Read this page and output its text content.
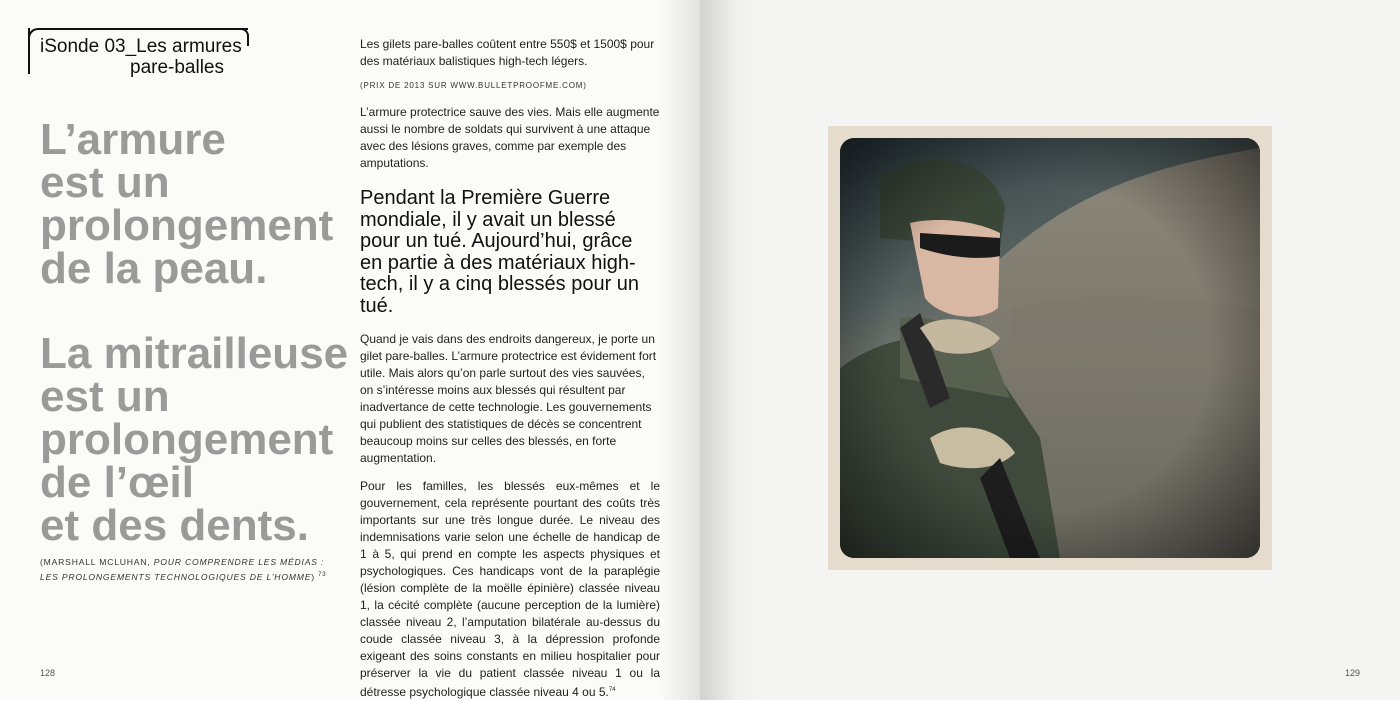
iSonde 03_Les armures
pare-balles
L’armure
est un
prolongement
de la peau.
La mitrailleuse
est un
prolongement
de l’œil
et des dents.
(MARSHALL MCLUHAN, POUR COMPRENDRE LES MÉDIAS : LES PROLONGEMENTS TECHNOLOGIQUES DE L’HOMME) $^{73}$

Les gilets pare-balles coûtent entre 550$ et 1500$ pour des matériaux balistiques high-tech légers.

(PRIX DE 2013 SUR WWW.BULLETPROOFME.COM)

L’armure protectrice sauve des vies. Mais elle augmente aussi le nombre de soldats qui survivent à une attaque avec des lésions graves, comme par exemple des amputations.

Pendant la Première Guerre mondiale, il y avait un blessé pour un tué. Aujourd’hui, grâce en partie à des matériaux high-tech, il y a cinq blessés pour un tué.

Quand je vais dans des endroits dangereux, je porte un gilet pare-balles. L’armure protectrice est évidement fort utile. Mais alors qu’on parle surtout des vies sauvées, on s’intéresse moins aux blessés qui résultent par inadvertance de cette technologie. Les gouvernements qui publient des statistiques de décès se concentrent beaucoup moins sur celles des blessés, en forte augmentation.

Pour les familles, les blessés eux-mêmes et le gouvernement, cela représente pourtant des coûts très importants sur une très longue durée. Le niveau des indemnisations varie selon une échelle de handicap de 1 à 5, qui prend en compte les aspects physiques et psychologiques. Ces handicaps vont de la paraplégie (lésion complète de la moëlle épinière) classée niveau 1, la cécité complète (aucune perception de la lumière) classée niveau 2, l’amputation bilatérale au-dessus du coude classée niveau 3, à la dépression profonde exigeant des soins constants en milieu hospitalier pour préserver la vie du patient classée niveau 1 ou la détresse psychologique classée niveau 4 ou 5.74

128	129
